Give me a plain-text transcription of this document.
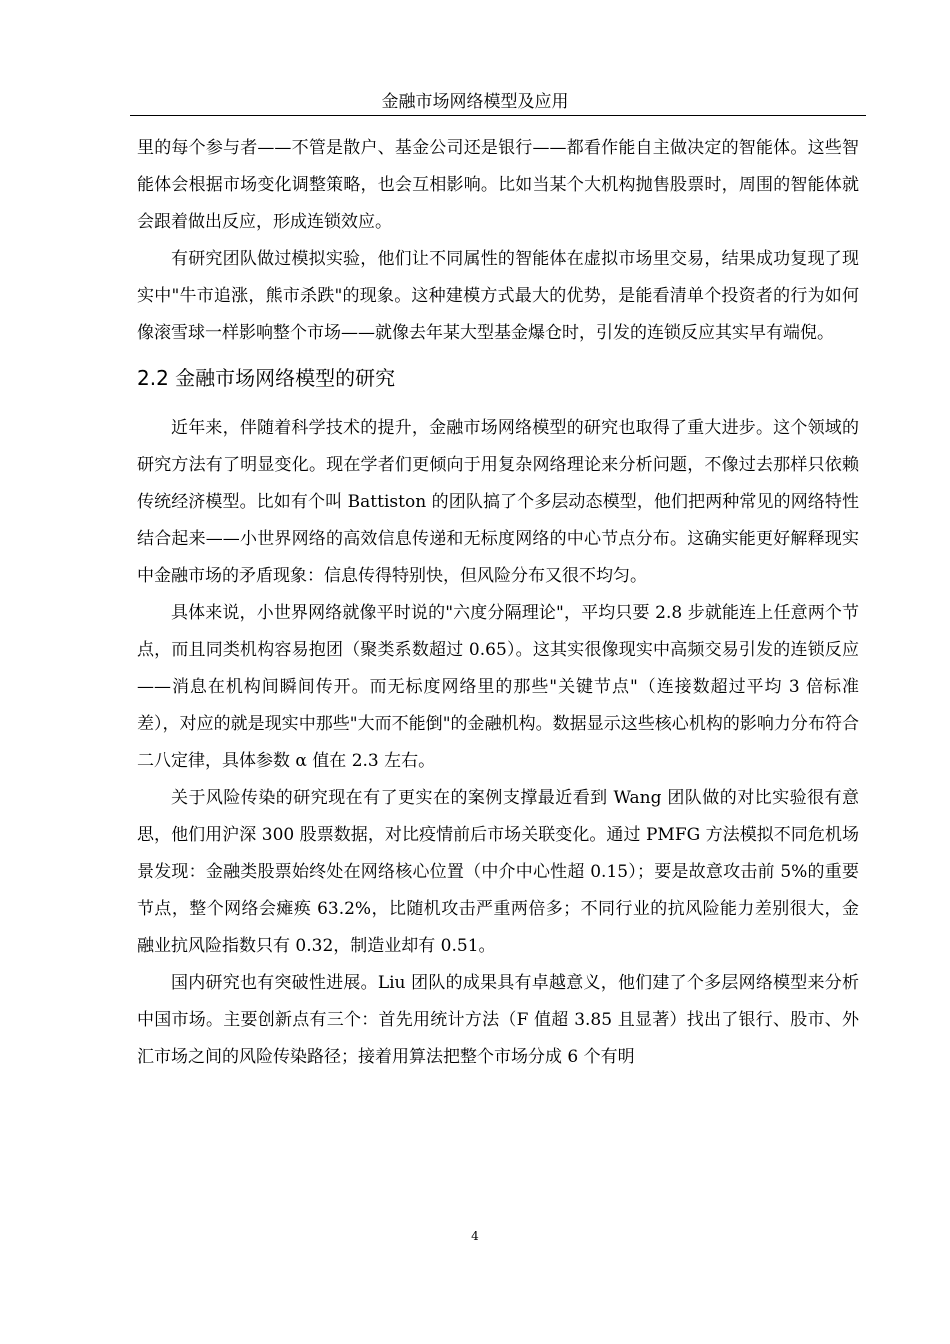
金融市场网络模型及应用

里的每个参与者——不管是散户、基金公司还是银行——都看作能自主做决定的智能体。这些智能体会根据市场变化调整策略，也会互相影响。比如当某个大机构抛售股票时，周围的智能体就会跟着做出反应，形成连锁效应。

有研究团队做过模拟实验，他们让不同属性的智能体在虚拟市场里交易，结果成功复现了现实中"牛市追涨，熊市杀跌"的现象。这种建模方式最大的优势，是能看清单个投资者的行为如何像滚雪球一样影响整个市场——就像去年某大型基金爆仓时，引发的连锁反应其实早有端倪。

2.2 金融市场网络模型的研究

近年来，伴随着科学技术的提升，金融市场网络模型的研究也取得了重大进步。这个领域的研究方法有了明显变化。现在学者们更倾向于用复杂网络理论来分析问题，不像过去那样只依赖传统经济模型。比如有个叫 Battiston 的团队搞了个多层动态模型，他们把两种常见的网络特性结合起来——小世界网络的高效信息传递和无标度网络的中心节点分布。这确实能更好解释现实中金融市场的矛盾现象：信息传得特别快，但风险分布又很不均匀。

具体来说，小世界网络就像平时说的"六度分隔理论"，平均只要 2.8 步就能连上任意两个节点，而且同类机构容易抱团（聚类系数超过 0.65）。这其实很像现实中高频交易引发的连锁反应——消息在机构间瞬间传开。而无标度网络里的那些"关键节点"（连接数超过平均 3 倍标准差），对应的就是现实中那些"大而不能倒"的金融机构。数据显示这些核心机构的影响力分布符合二八定律，具体参数 α 值在 2.3 左右。

关于风险传染的研究现在有了更实在的案例支撑最近看到 Wang 团队做的对比实验很有意思，他们用沪深 300 股票数据，对比疫情前后市场关联变化。通过 PMFG 方法模拟不同危机场景发现：金融类股票始终处在网络核心位置（中介中心性超 0.15）；要是故意攻击前 5%的重要节点，整个网络会瘫痪 63.2%，比随机攻击严重两倍多；不同行业的抗风险能力差别很大，金融业抗风险指数只有 0.32，制造业却有 0.51。

国内研究也有突破性进展。Liu 团队的成果具有卓越意义，他们建了个多层网络模型来分析中国市场。主要创新点有三个：首先用统计方法（F 值超 3.85 且显著）找出了银行、股市、外汇市场之间的风险传染路径；接着用算法把整个市场分成 6 个有明

4
